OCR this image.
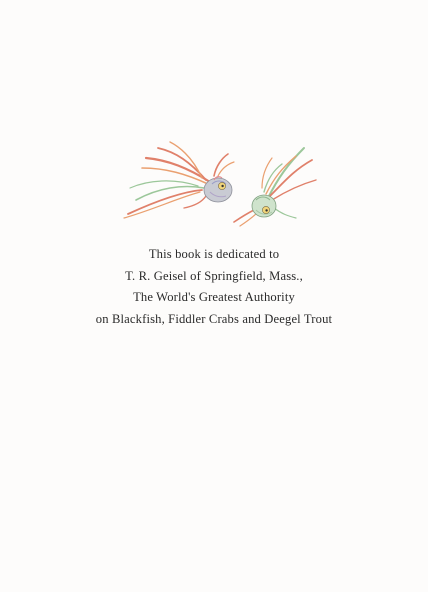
This book is dedicated to
T. R. Geisel of Springfield, Mass.,
The World's Greatest Authority
on Blackfish, Fiddler Crabs and Deegel Trout
